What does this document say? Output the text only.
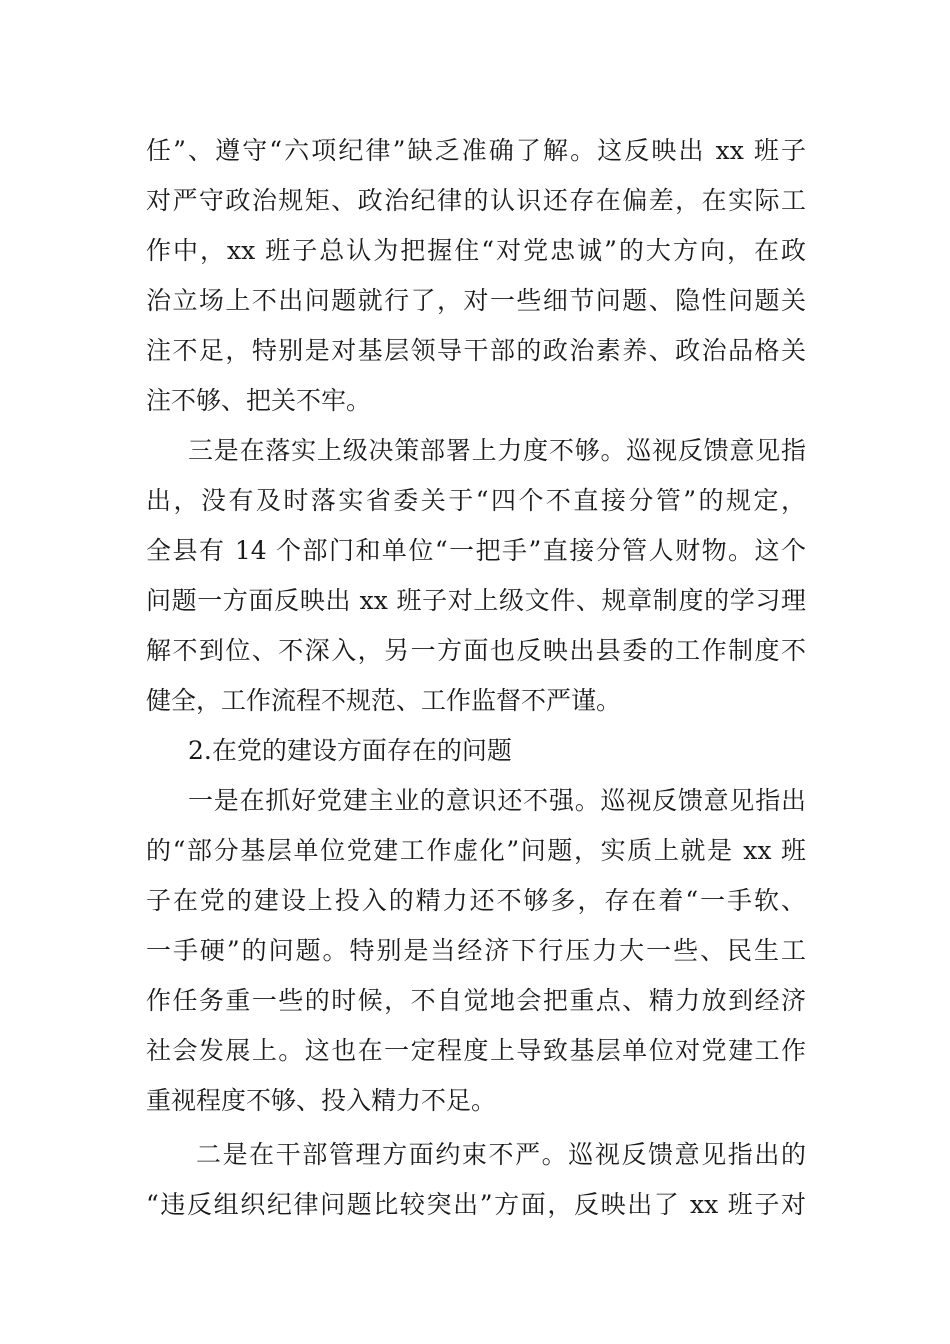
任”、遵守“六项纪律”缺乏准确了解。这反映出 xx 班子
对严守政治规矩、政治纪律的认识还存在偏差，在实际工
作中，xx 班子总认为把握住“对党忠诚”的大方向，在政
治立场上不出问题就行了，对一些细节问题、隐性问题关
注不足，特别是对基层领导干部的政治素养、政治品格关
注不够、把关不牢。
三是在落实上级决策部署上力度不够。巡视反馈意见指
出，没有及时落实省委关于“四个不直接分管”的规定，
全县有 14 个部门和单位“一把手”直接分管人财物。这个
问题一方面反映出 xx 班子对上级文件、规章制度的学习理
解不到位、不深入，另一方面也反映出县委的工作制度不
健全，工作流程不规范、工作监督不严谨。
2.在党的建设方面存在的问题
一是在抓好党建主业的意识还不强。巡视反馈意见指出
的“部分基层单位党建工作虚化”问题，实质上就是 xx 班
子在党的建设上投入的精力还不够多，存在着“一手软、
一手硬”的问题。特别是当经济下行压力大一些、民生工
作任务重一些的时候，不自觉地会把重点、精力放到经济
社会发展上。这也在一定程度上导致基层单位对党建工作
重视程度不够、投入精力不足。
二是在干部管理方面约束不严。巡视反馈意见指出的
“违反组织纪律问题比较突出”方面，反映出了 xx 班子对
